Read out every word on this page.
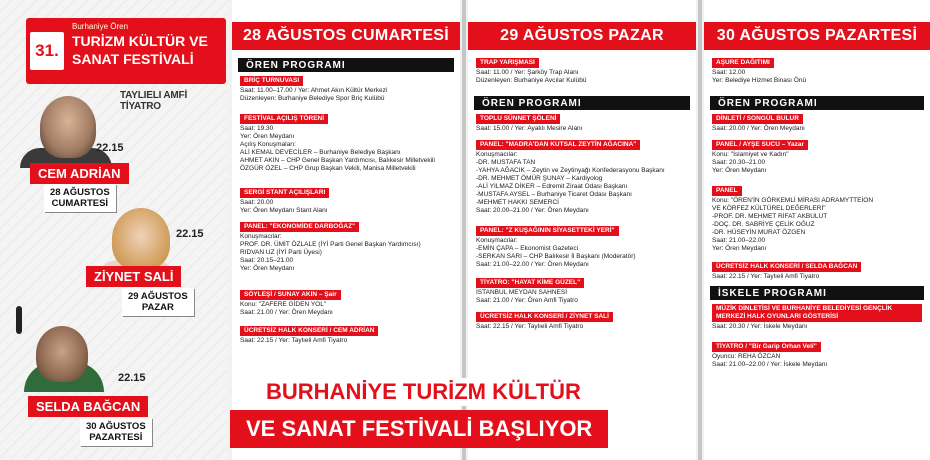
31.
Burhaniye Ören
TURİZM KÜLTÜR VE SANAT FESTİVALİ
TAYLIELI AMFİ TİYATRO
22.15
CEM ADRİAN
28 AĞUSTOS
CUMARTESİ
22.15
ZİYNET SALİ
29 AĞUSTOS
PAZAR
22.15
SELDA BAĞCAN
30 AĞUSTOS
PAZARTESİ
28 AĞUSTOS CUMARTESİ
ÖREN PROGRAMI
BRİÇ TURNUVASI
Saat: 11.00–17.00 / Yer: Ahmet Akın Kültür Merkezi
Düzenleyen: Burhaniye Belediye Spor Briç Kulübü
FESTİVAL AÇILIŞ TÖRENİ
Saat: 19.30
Yer: Ören Meydanı
Açılış Konuşmaları:
ALİ KEMAL DEVECİLER – Burhaniye Belediye Başkanı
AHMET AKIN – CHP Genel Başkan Yardımcısı, Balıkesir Milletvekili
ÖZGÜR ÖZEL – CHP Grup Başkan Vekili, Manisa Milletvekili
SERGİ STANT AÇILIŞLARI
Saat: 20.00
Yer: Ören Meydanı Stant Alanı
PANEL: "EKONOMİDE DARBOĞAZ"
Konuşmacılar:
PROF. DR. ÜMİT ÖZLALE (İYİ Parti Genel Başkan Yardımcısı)
RIDVAN UZ (İYİ Parti Üyesi)
Saat: 20.15–21.00
Yer: Ören Meydanı
SÖYLEŞİ / SUNAY AKIN – Şair
Konu: "ZAFERE GİDEN YOL"
Saat: 21.00 / Yer: Ören Meydanı
ÜCRETSİZ HALK KONSERİ / CEM ADRİAN
Saat: 22.15 / Yer: Taylıeli Amfi Tiyatro
29 AĞUSTOS PAZAR
TRAP YARIŞMASI
Saat: 11.00 / Yer: Şarköy Trap Alanı
Düzenleyen: Burhaniye Avcılar Kulübü
ÖREN PROGRAMI
TOPLU SÜNNET ŞÖLENİ
Saat: 15.00 / Yer: Ayaklı Mesire Alanı
PANEL: "MADRA'DAN KUTSAL ZEYTİN AĞACINA"
Konuşmacılar:
-DR. MUSTAFA TAN
-YAHYA AĞACIK – Zeytin ve Zeytinyağı Konfederasyonu Başkanı
-DR. MEHMET ÖMÜR ŞUNAY – Kardiyolog
-ALİ YILMAZ DİKER – Edremit Ziraat Odası Başkanı
-MUSTAFA AYSEL – Burhaniye Ticaret Odası Başkanı
-MEHMET HAKKI SEMERCİ
Saat: 20.00–21.00 / Yer: Ören Meydanı
PANEL: "Z KUŞAĞININ SİYASETTEKİ YERİ"
Konuşmacılar:
-EMİN ÇAPA – Ekonomist Gazeteci
-SERKAN SARI – CHP Balıkesir İl Başkanı (Moderatör)
Saat: 21.00–22.00 / Yer: Ören Meydanı
TİYATRO: "HAYAT KİME GÜZEL"
İSTANBUL MEYDAN SAHNESİ
Saat: 21.00 / Yer: Ören Amfi Tiyatro
ÜCRETSİZ HALK KONSERİ / ZİYNET SALİ
Saat: 22.15 / Yer: Taylıeli Amfi Tiyatro
30 AĞUSTOS PAZARTESİ
AŞURE DAĞITIMI
Saat: 12.00
Yer: Belediye Hizmet Binası Önü
ÖREN PROGRAMI
DİNLETİ / SONGÜL BULUR
Saat: 20.00 / Yer: Ören Meydanı
PANEL / AYŞE SUCU – Yazar
Konu: "İslamiyet ve Kadın"
Saat: 20.30–21.00
Yer: Ören Meydanı
PANEL
Konu: "ÖREN'İN GÖRKEMLİ MİRASI ADRAMYTTEİON
VE KÖRFEZ KÜLTÜREL DEĞERLERİ"
-PROF. DR. MEHMET RİFAT AKBULUT
-DOÇ. DR. SABRİYE ÇELİK OĞUZ
-DR. HÜSEYİN MURAT ÖZGEN
Saat: 21.00–22.00
Yer: Ören Meydanı
ÜCRETSİZ HALK KONSERİ / SELDA BAĞCAN
Saat: 22.15 / Yer: Taylıeli Amfi Tiyatro
İSKELE PROGRAMI
MÜZİK DİNLETİSİ VE BURHANİYE BELEDİYESİ GENÇLİK MERKEZİ HALK OYUNLARI GÖSTERİSİ
Saat: 20.30 / Yer: İskele Meydanı
TİYATRO / "Bir Garip Orhan Veli"
Oyuncu: REHA ÖZCAN
Saat: 21.00–22.00 / Yer: İskele Meydanı
BURHANİYE TURİZM KÜLTÜR
VE SANAT FESTİVALİ BAŞLIYOR
